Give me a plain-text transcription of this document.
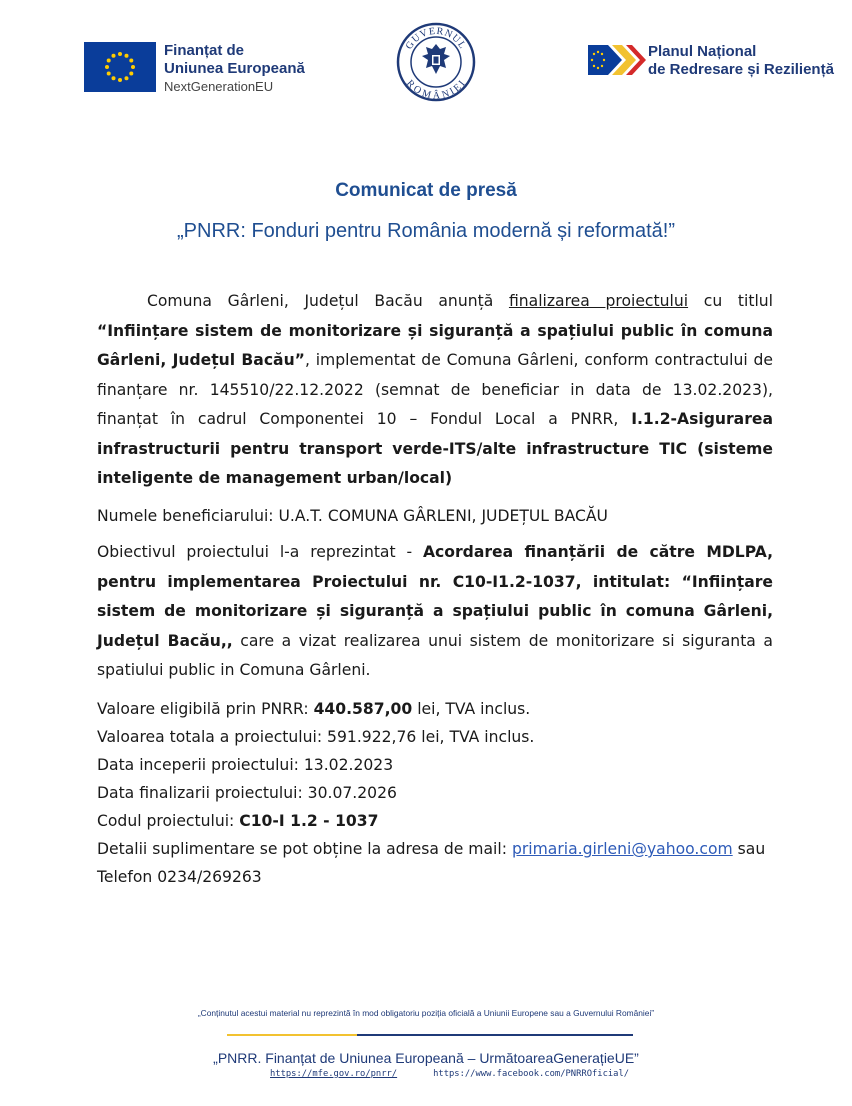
Finanțat de
Uniunea Europeană
NextGenerationEU
GUVERNUL
ROMÂNIEI
Planul Național
de Redresare și Reziliență
Comunicat de presă
„PNRR: Fonduri pentru România modernă și reformată!”
Comuna Gârleni, Județul Bacău anunță finalizarea proiectului cu titlul “Inființare sistem de monitorizare și siguranță a spațiului public în comuna Gârleni, Județul Bacău”, implementat de Comuna Gârleni, conform contractului de finanțare nr. 145510/22.12.2022 (semnat de beneficiar in data de 13.02.2023), finanțat în cadrul Componentei 10 – Fondul Local a PNRR, I.1.2-Asigurarea infrastructurii pentru transport verde-ITS/alte infrastructure TIC (sisteme inteligente de management urban/local)
Numele beneficiarului: U.A.T. COMUNA GÂRLENI, JUDEȚUL BACĂU
Obiectivul proiectului l-a reprezintat - Acordarea finanțării de către MDLPA, pentru implementarea Proiectului nr. C10-I1.2-1037, intitulat: “Inființare sistem de monitorizare și siguranță a spațiului public în comuna Gârleni, Județul Bacău,, care a vizat realizarea unui sistem de monitorizare si siguranta a spatiului public in Comuna Gârleni.
Valoare eligibilă prin PNRR: 440.587,00 lei, TVA inclus.
Valoarea totala a proiectului: 591.922,76 lei, TVA inclus.
Data inceperii proiectului: 13.02.2023
Data finalizarii proiectului: 30.07.2026
Codul proiectului: C10-I 1.2 - 1037
Detalii suplimentare se pot obține la adresa de mail: primaria.girleni@yahoo.com sau
Telefon 0234/269263
„Conținutul acestui material nu reprezintă în mod obligatoriu poziția oficială a Uniunii Europene sau a Guvernului României”
„PNRR. Finanțat de Uniunea Europeană – UrmătoareaGenerațieUE”
https://mfe.gov.ro/pnrr/	https://www.facebook.com/PNRROficial/
